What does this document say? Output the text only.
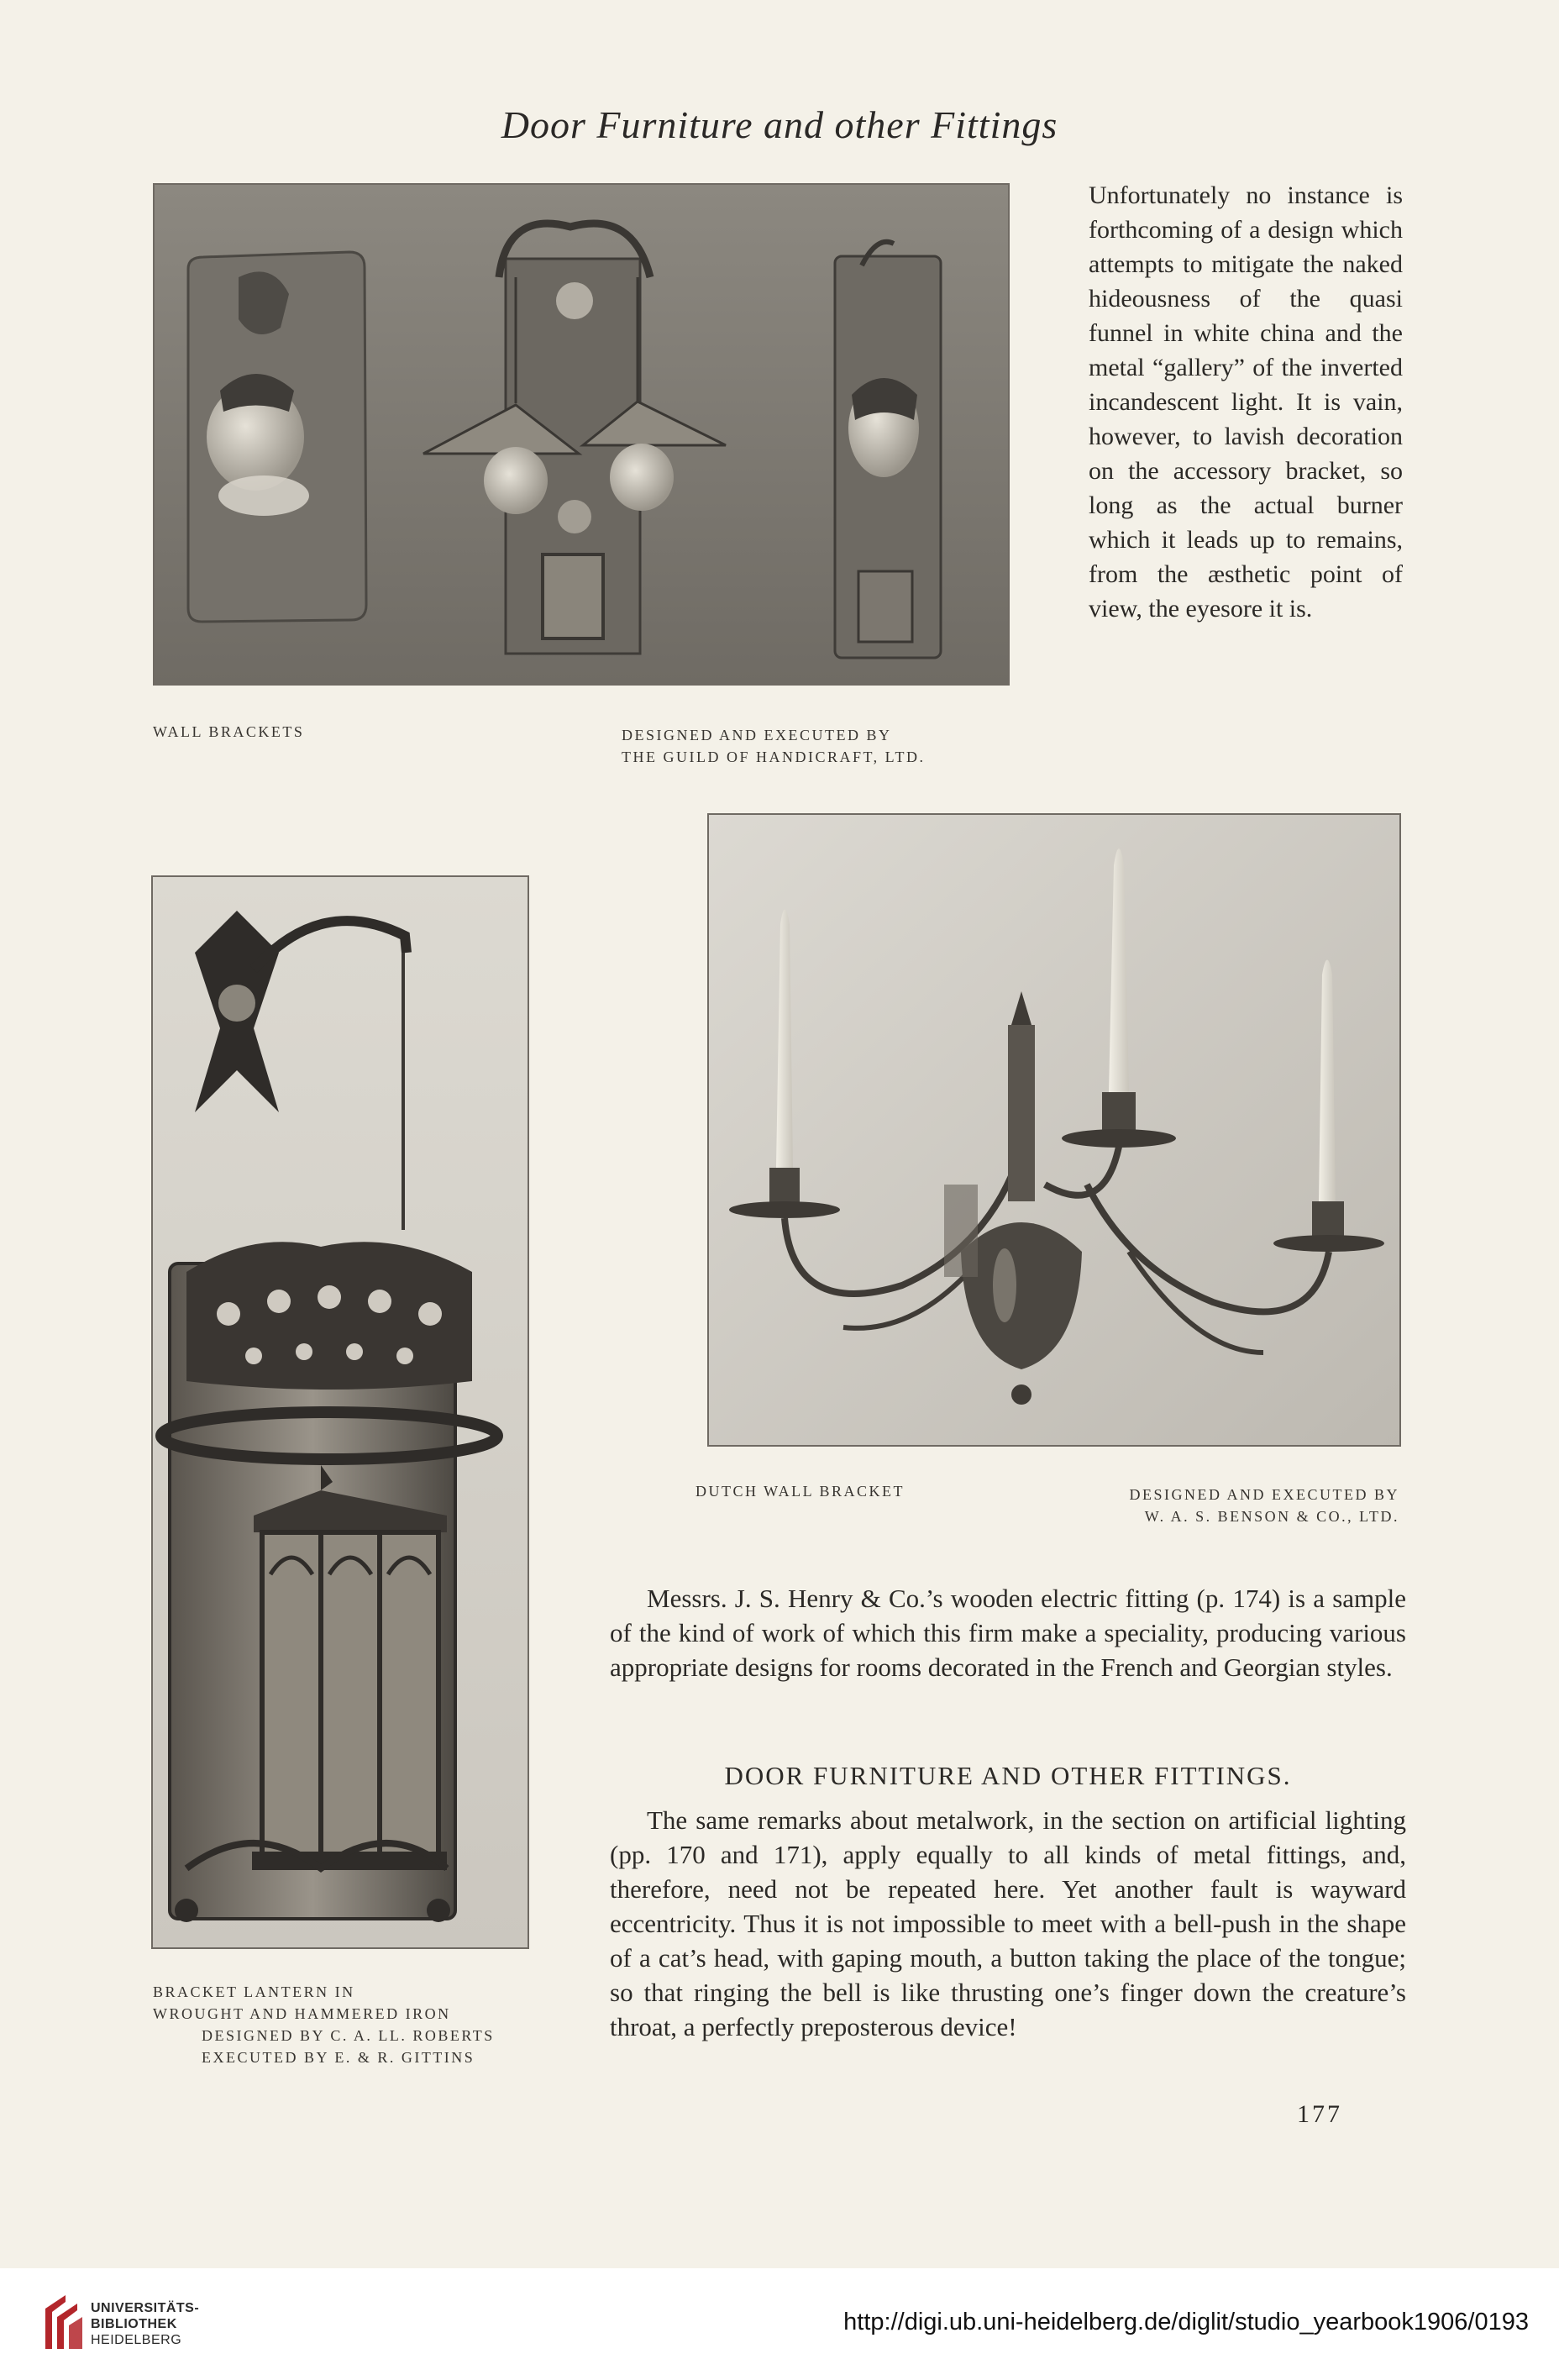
Door Furniture and other Fittings
WALL BRACKETS	DESIGNED AND EXECUTED BY
THE GUILD OF HANDICRAFT, LTD.

Unfortunately no instance is forthcoming of a design which attempts to mitigate the naked hideousness of the quasi funnel in white china and the metal “gallery” of the inverted incandescent light. It is vain, however, to lavish decoration on the accessory bracket, so long as the actual burner which it leads up to remains, from the æsthetic point of view, the eyesore it is.

DUTCH WALL BRACKET	DESIGNED AND EXECUTED BY
W. A. S. BENSON & CO., LTD.
BRACKET LANTERN IN
WROUGHT AND HAMMERED IRON
DESIGNED BY C. A. LL. ROBERTS
EXECUTED BY E. & R. GITTINS

Messrs. J. S. Henry & Co.’s wooden electric fitting (p. 174) is a sample of the kind of work of which this firm make a speciality, producing various appropriate designs for rooms decorated in the French and Georgian styles.

DOOR FURNITURE AND OTHER FITTINGS.

The same remarks about metalwork, in the section on artificial lighting (pp. 170 and 171), apply equally to all kinds of metal fittings, and, therefore, need not be repeated here. Yet another fault is wayward eccentricity. Thus it is not impossible to meet with a bell-push in the shape of a cat’s head, with gaping mouth, a button taking the place of the tongue; so that ringing the bell is like thrusting one’s finger down the creature’s throat, a perfectly preposterous device!

177
UNIVERSITÄTS-
BIBLIOTHEK
HEIDELBERG
http://digi.ub.uni-heidelberg.de/diglit/studio_yearbook1906/0193
